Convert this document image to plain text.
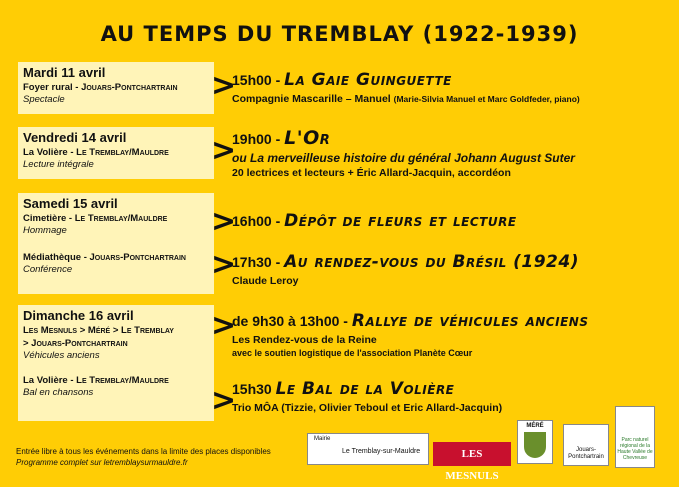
AU TEMPS DU TREMBLAY (1922-1939)
Mardi 11 avril
Foyer rural - Jouars-Pontchartrain
Spectacle	>
15h00 - La Gaie Guinguette
Compagnie Mascarille – Manuel (Marie-Silvia Manuel et Marc Goldfeder, piano)
Vendredi 14 avril
La Volière - Le Tremblay/Mauldre
Lecture intégrale	>
19h00 - L'Or
ou La merveilleuse histoire du général Johann August Suter
20 lectrices et lecteurs + Éric Allard-Jacquin, accordéon
Samedi 15 avril
Cimetière - Le Tremblay/Mauldre
Hommage
Médiathèque - Jouars-Pontchartrain
Conférence
>
16h00 - Dépôt de fleurs et lecture
>
17h30 - Au rendez-vous du Brésil (1924)
Claude Leroy
Dimanche 16 avril
Les Mesnuls > Méré > Le Tremblay
> Jouars-Pontchartrain
Véhicules anciens
La Volière - Le Tremblay/Mauldre
Bal en chansons
>
de 9h30 à 13h00 - Rallye de véhicules anciens
Les Rendez-vous de la Reine
avec le soutien logistique de l'association Planète Cœur
>
15h30 Le Bal de la Volière
Trio MÔA (Tizzie, Olivier Teboul et Eric Allard-Jacquin)
Entrée libre à tous les événements dans la limite des places disponibles
Programme complet sur letremblaysurmauldre.fr
Mairie
Le Tremblay-sur-Mauldre	LES MESNULS
MÉRÉ
Jouars-Pontchartrain
Parc naturel régional de la Haute Vallée de Chevreuse
